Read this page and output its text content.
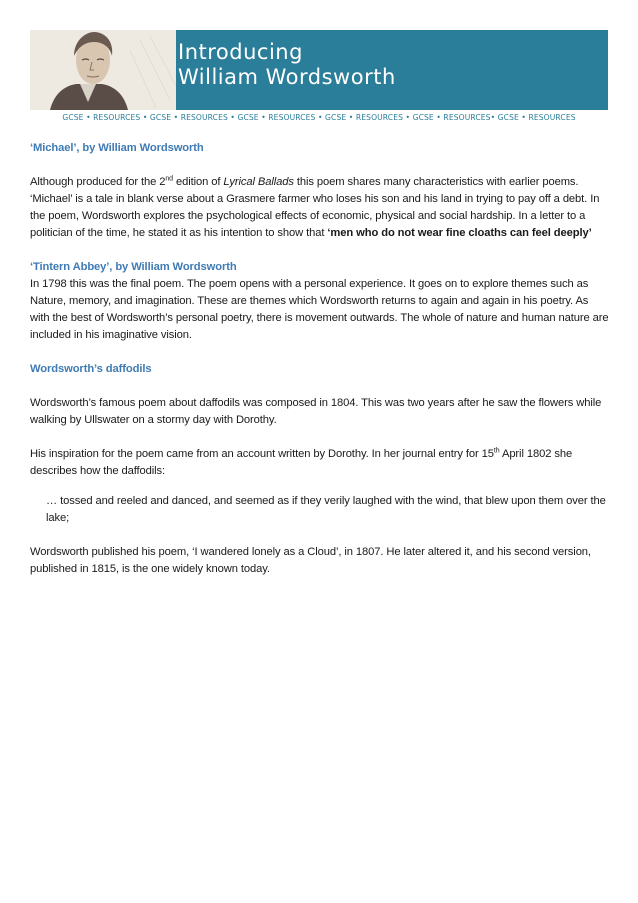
Introducing
William Wordsworth
GCSE • RESOURCES • GCSE • RESOURCES • GCSE • RESOURCES • GCSE • RESOURCES • GCSE • RESOURCES• GCSE • RESOURCES

‘Michael’, by William Wordsworth

Although produced for the 2nd edition of Lyrical Ballads this poem shares many characteristics with earlier poems. ‘Michael’ is a tale in blank verse about a Grasmere farmer who loses his son and his land in trying to pay off a debt. In the poem, Wordsworth explores the psychological effects of economic, physical and social hardship. In a letter to a politician of the time, he stated it as his intention to show that ‘men who do not wear fine cloaths can feel deeply’

‘Tintern Abbey’, by William Wordsworth

In 1798 this was the final poem. The poem opens with a personal experience. It goes on to explore themes such as Nature, memory, and imagination. These are themes which Wordsworth returns to again and again in his poetry. As with the best of Wordsworth’s personal poetry, there is movement outwards. The whole of nature and human nature are included in his imaginative vision.

Wordsworth’s daffodils

Wordsworth’s famous poem about daffodils was composed in 1804. This was two years after he saw the flowers while walking by Ullswater on a stormy day with Dorothy.

His inspiration for the poem came from an account written by Dorothy. In her journal entry for 15th April 1802 she describes how the daffodils:

… tossed and reeled and danced, and seemed as if they verily laughed with the wind, that blew upon them over the lake;

Wordsworth published his poem, ‘I wandered lonely as a Cloud’, in 1807. He later altered it, and his second version, published in 1815, is the one widely known today.
